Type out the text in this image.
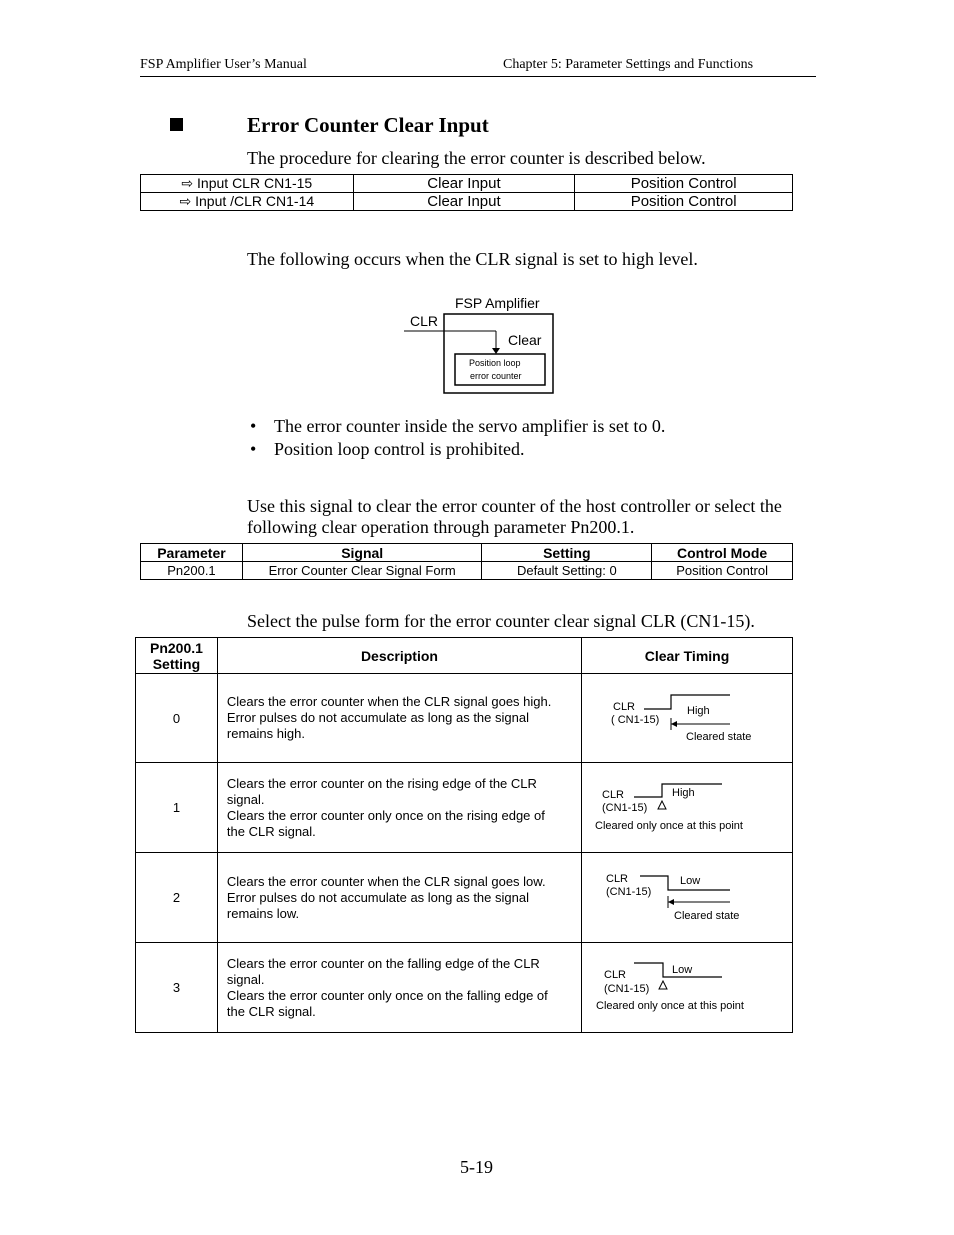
FSP Amplifier User’s Manual	Chapter 5: Parameter Settings and Functions
Error Counter Clear Input
The procedure for clearing the error counter is described below.
⇨ Input CLR CN1-15	Clear Input	Position Control
⇨ Input /CLR CN1-14	Clear Input	Position Control
The following occurs when the CLR signal is set to high level.
FSP Amplifier
CLR
Clear
Position loop
error counter
• The error counter inside the servo amplifier is set to 0.
• Position loop control is prohibited.
Use this signal to clear the error counter of the host controller or select the
following clear operation through parameter Pn200.1.
Parameter	Signal	Setting	Control Mode
Pn200.1	Error Counter Clear Signal Form	Default Setting: 0	Position Control
Select the pulse form for the error counter clear signal CLR (CN1-15).
Pn200.1
Setting	Description	Clear Timing
0	Clears the error counter when the CLR signal goes high.
Error pulses do not accumulate as long as the signal
remains high.	CLR
( CN1-15)
High
Cleared state

1	Clears the error counter on the rising edge of the CLR
signal.
Clears the error counter only once on the rising edge of
the CLR signal.	CLR
(CN1-15)
High
Cleared only once at this point

2	Clears the error counter when the CLR signal goes low.
Error pulses do not accumulate as long as the signal
remains low.	CLR
(CN1-15)
Low
Cleared state

3	Clears the error counter on the falling edge of the CLR
signal.
Clears the error counter only once on the falling edge of
the CLR signal.	CLR
(CN1-15)
Low
Cleared only once at this point
5-19
